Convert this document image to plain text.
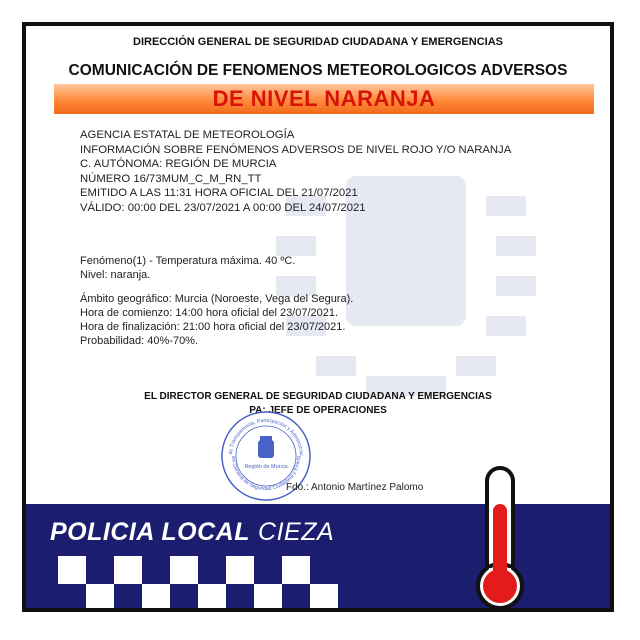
DIRECCIÓN GENERAL DE SEGURIDAD CIUDADANA Y EMERGENCIAS
COMUNICACIÓN DE FENOMENOS METEOROLOGICOS ADVERSOS
DE NIVEL NARANJA
AGENCIA ESTATAL DE METEOROLOGÍA
INFORMACIÓN SOBRE FENÓMENOS ADVERSOS DE NIVEL ROJO Y/O NARANJA
C. AUTÓNOMA: REGIÓN DE MURCIA
NÚMERO 16/73MUM_C_M_RN_TT
EMITIDO A LAS 11:31 HORA OFICIAL DEL 21/07/2021
VÁLIDO: 00:00 DEL 23/07/2021 A 00:00 DEL 24/07/2021
Fenómeno(1) - Temperatura máxima. 40 ºC.
Nivel: naranja.
Ámbito geográfico: Murcia (Noroeste, Vega del Segura).
Hora de comienzo: 14:00 hora oficial del 23/07/2021.
Hora de finalización: 21:00 hora oficial del 23/07/2021.
Probabilidad: 40%-70%.
EL DIRECTOR GENERAL DE SEGURIDAD CIUDADANA Y EMERGENCIAS
PA: JEFE DE OPERACIONES
de Transparencia, Participación y Administrac
ión General de Seguridad Ciudadana y Emerg
Región de Murcia
Fdo.: Antonio Martínez Palomo
POLICIA LOCAL CIEZA
